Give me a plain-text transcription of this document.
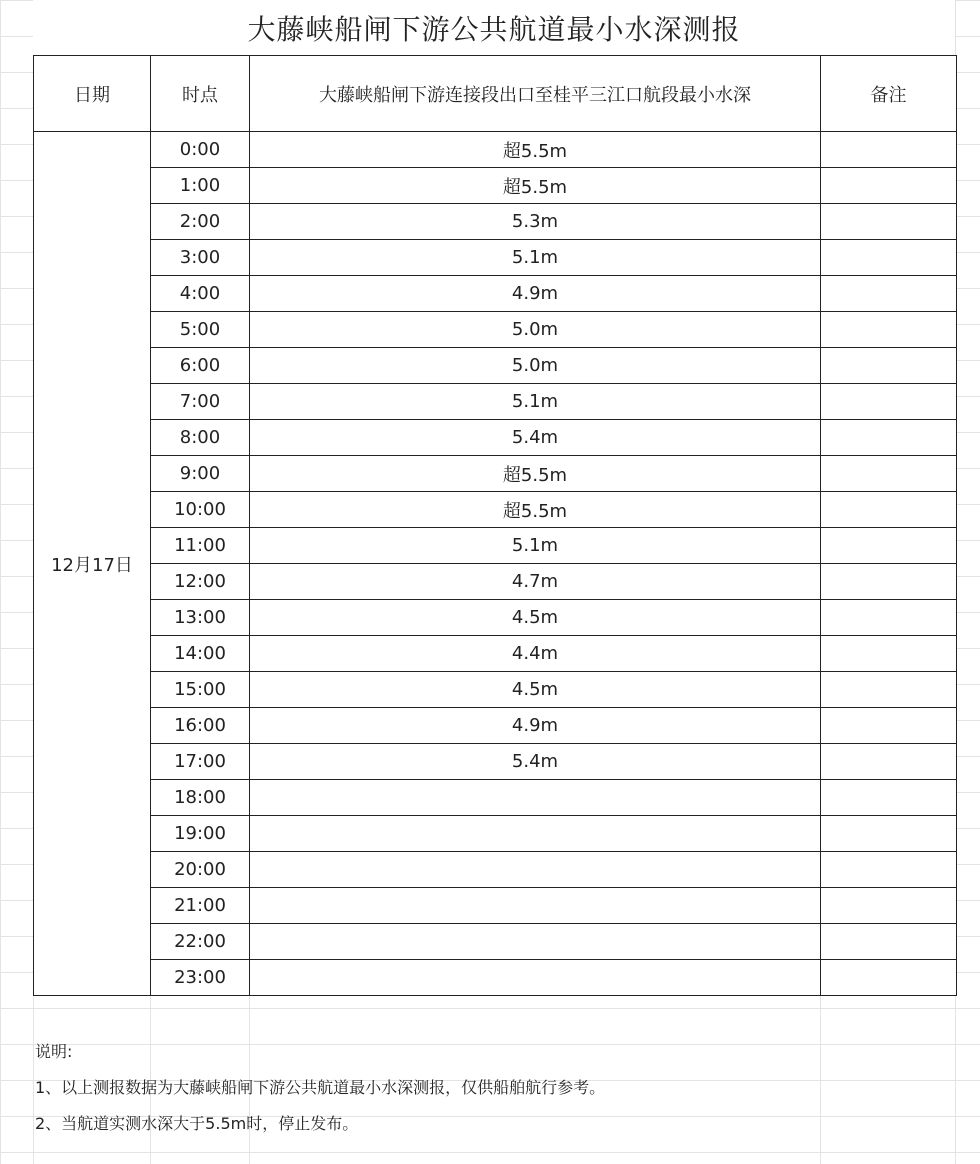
大藤峡船闸下游公共航道最小水深测报
日期	时点	大藤峡船闸下游连接段出口至桂平三江口航段最小水深	备注
12月17日	0:00	超5.5m	
	1:00	超5.5m	
	2:00	5.3m	
	3:00	5.1m	
	4:00	4.9m	
	5:00	5.0m	
	6:00	5.0m	
	7:00	5.1m	
	8:00	5.4m	
	9:00	超5.5m	
	10:00	超5.5m	
	11:00	5.1m	
	12:00	4.7m	
	13:00	4.5m	
	14:00	4.4m	
	15:00	4.5m	
	16:00	4.9m	
	17:00	5.4m	
	18:00		
	19:00		
	20:00		
	21:00		
	22:00		
	23:00		
说明:
1、以上测报数据为大藤峡船闸下游公共航道最小水深测报，仅供船舶航行参考。
2、当航道实测水深大于5.5m时，停止发布。
